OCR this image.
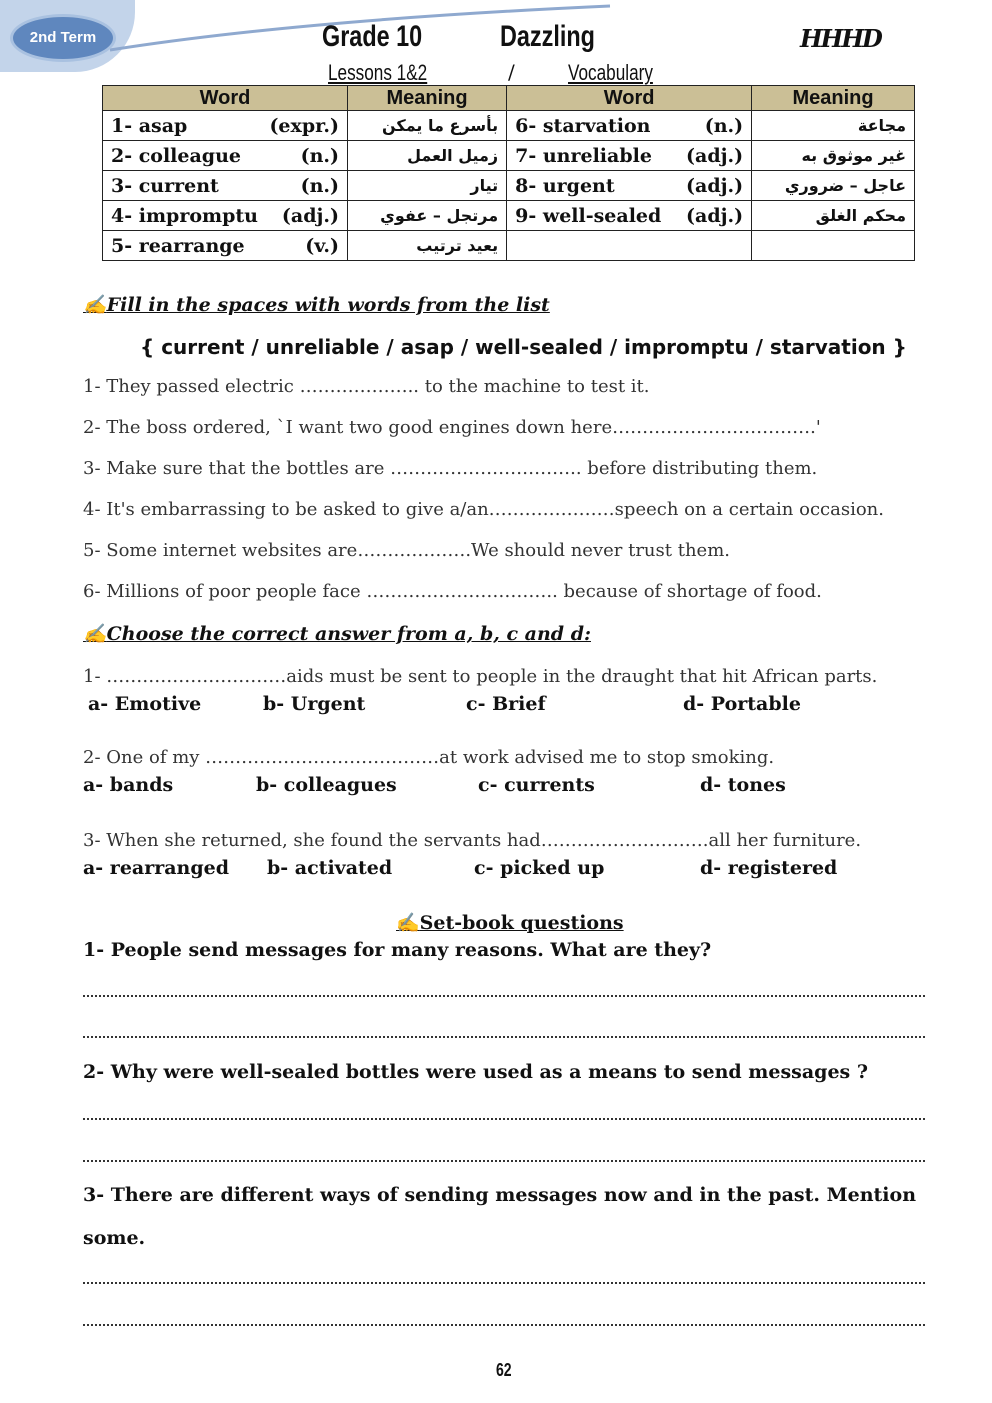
2nd Term	Grade 10	Dazzling	HHHD
Lessons 1&2	/ Vocabulary
Word	Meaning	Word	Meaning
1- asap (expr.)	بأسرع ما يمكن	6- starvation (n.)	مجاعة
2- colleague (n.)	زميل العمل	7- unreliable (adj.)	غير موثوق به
3- current (n.)	تيار	8- urgent (adj.)	عاجل – ضروري
4- impromptu (adj.)	مرتجل – عفوي	9- well-sealed (adj.)	محكم الغلق
5- rearrange (v.)	يعيد ترتيب	

✍Fill in the spaces with words from the list
{ current / unreliable / asap / well-sealed / impromptu / starvation }
1- They passed electric ……………….. to the machine to test it.
2- The boss ordered, `I want two good engines down here…………………………….'
3- Make sure that the bottles are ………………………….. before distributing them.
4- It's embarrassing to be asked to give a/an…………………speech on a certain occasion.
5- Some internet websites are……………….We should never trust them.
6- Millions of poor people face ………………………….. because of shortage of food.
✍Choose the correct answer from a, b, c and d:
1- …………………………aids must be sent to people in the draught that hit African parts.
a- Emotive	b- Urgent	c- Brief	d- Portable
2- One of my …………………………………at work advised me to stop smoking.
a- bands	b- colleagues	c- currents	d- tones
3- When she returned, she found the servants had……………………….all her furniture.
a- rearranged b- activated	c- picked up	d- registered
✍Set-book questions
1- People send messages for many reasons. What are they?
2- Why were well-sealed bottles were used as a means to send messages ?
3- There are different ways of sending messages now and in the past. Mention
some.
62
